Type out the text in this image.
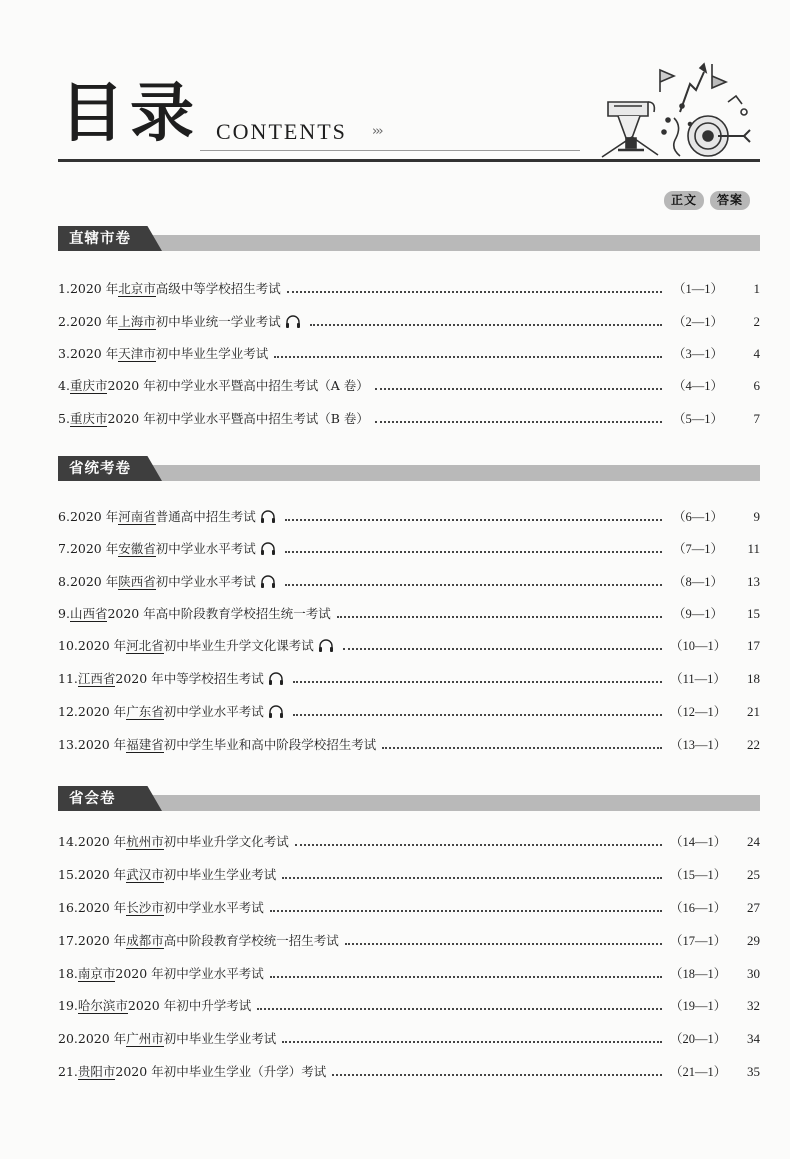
目录 CONTENTS ›››
正文	答案
直辖市卷
1. 2020 年 北京市 高级中等学校招生考试	（1—1）	1
2. 2020 年 上海市 初中毕业统一学业考试	（2—1）	2
3. 2020 年 天津市 初中毕业生学业考试	（3—1）	4
4. 重庆市 2020 年初中学业水平暨高中招生考试（A 卷）	（4—1）	6
5. 重庆市 2020 年初中学业水平暨高中招生考试（B 卷）	（5—1）	7
省统考卷
6. 2020 年 河南省 普通高中招生考试	（6—1）	9
7. 2020 年 安徽省 初中学业水平考试	（7—1）	11
8. 2020 年 陕西省 初中学业水平考试	（8—1）	13
9. 山西省 2020 年高中阶段教育学校招生统一考试	（9—1）	15
10. 2020 年 河北省 初中毕业生升学文化课考试	（10—1）	17
11. 江西省 2020 年中等学校招生考试	（11—1）	18
12. 2020 年 广东省 初中学业水平考试	（12—1）	21
13. 2020 年 福建省 初中学生毕业和高中阶段学校招生考试	（13—1）	22
省会卷
14. 2020 年 杭州市 初中毕业升学文化考试	（14—1）	24
15. 2020 年 武汉市 初中毕业生学业考试	（15—1）	25
16. 2020 年 长沙市 初中学业水平考试	（16—1）	27
17. 2020 年 成都市 高中阶段教育学校统一招生考试	（17—1）	29
18. 南京市 2020 年初中学业水平考试	（18—1）	30
19. 哈尔滨市 2020 年初中升学考试	（19—1）	32
20. 2020 年 广州市 初中毕业生学业考试	（20—1）	34
21. 贵阳市 2020 年初中毕业生学业（升学）考试	（21—1）	35
